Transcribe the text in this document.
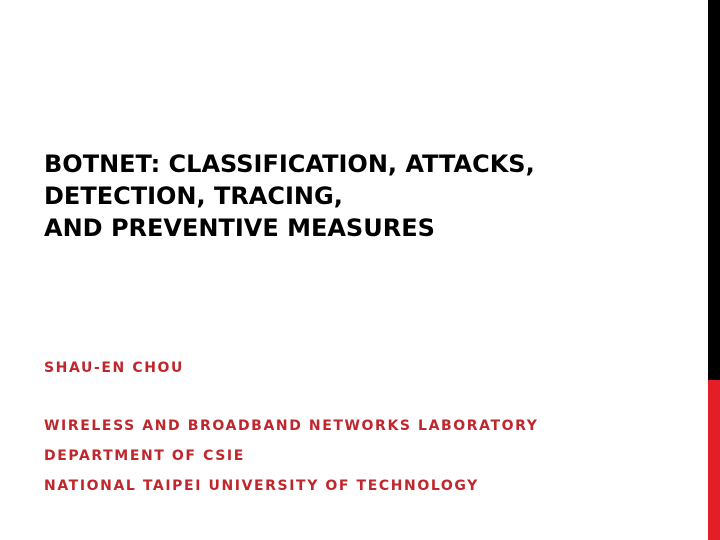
BOTNET: CLASSIFICATION, ATTACKS,
DETECTION, TRACING,
AND PREVENTIVE MEASURES
SHAU-EN CHOU
WIRELESS AND BROADBAND NETWORKS LABORATORY
DEPARTMENT OF CSIE
NATIONAL TAIPEI UNIVERSITY OF TECHNOLOGY
